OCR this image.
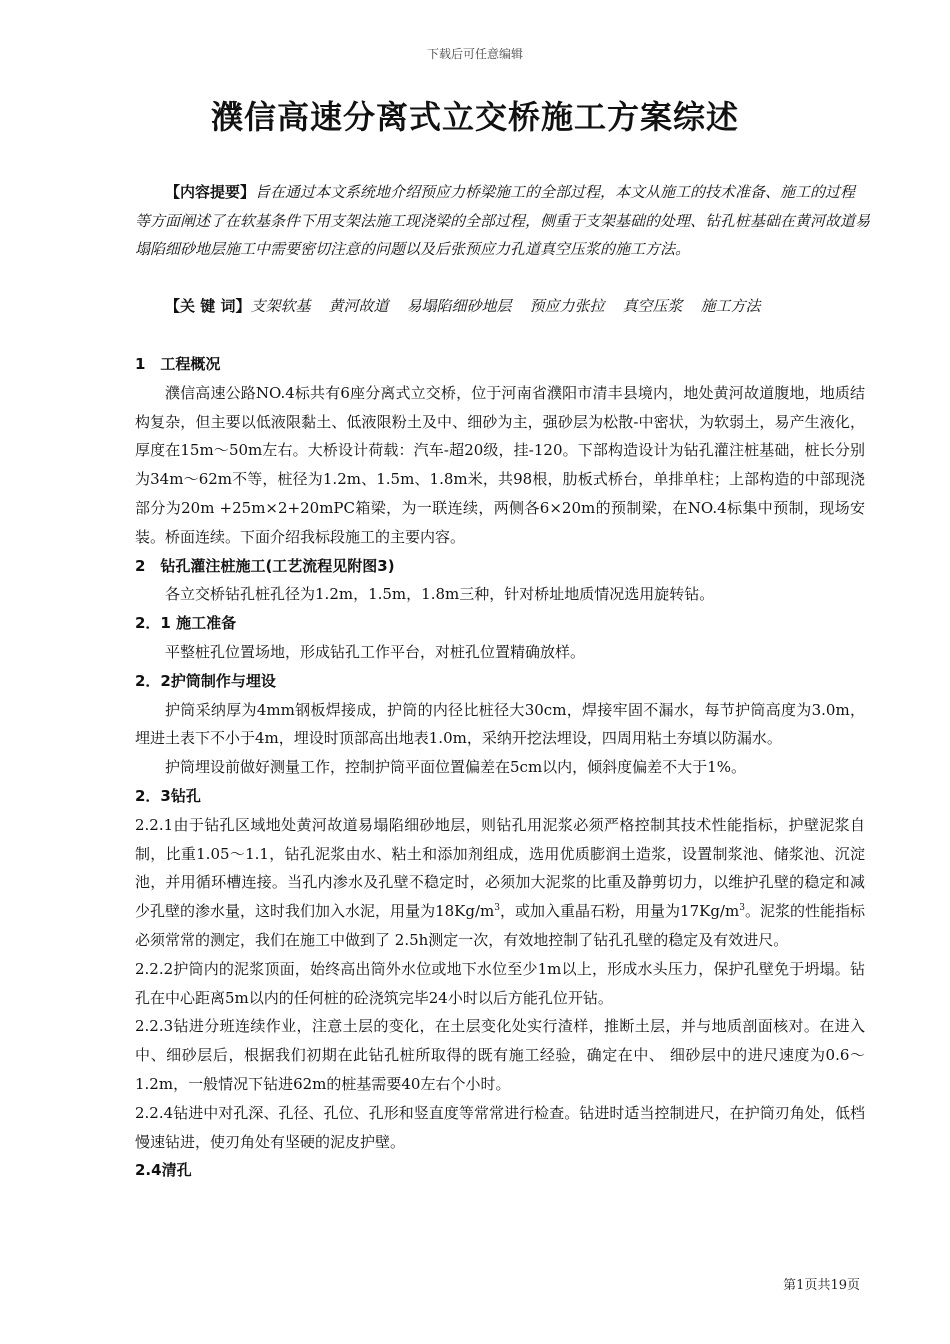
下载后可任意编辑
濮信高速分离式立交桥施工方案综述
【内容提要】旨在通过本文系统地介绍预应力桥梁施工的全部过程，本文从施工的技术准备、施工的过程等方面阐述了在软基条件下用支架法施工现浇梁的全部过程，侧重于支架基础的处理、钻孔桩基础在黄河故道易塌陷细砂地层施工中需要密切注意的问题以及后张预应力孔道真空压浆的施工方法。
【关 键 词】支架软基 黄河故道 易塌陷细砂地层 预应力张拉 真空压浆 施工方法

1　工程概况

濮信高速公路NO.4标共有6座分离式立交桥，位于河南省濮阳市清丰县境内，地处黄河故道腹地，地质结构复杂，但主要以低液限黏土、低液限粉土及中、细砂为主，强砂层为松散-中密状，为软弱土，易产生液化，厚度在15m～50m左右。大桥设计荷载：汽车-超20级，挂-120。下部构造设计为钻孔灌注桩基础，桩长分别为34m～62m不等，桩径为1.2m、1.5m、1.8m米，共98根，肋板式桥台，单排单柱；上部构造的中部现浇部分为20m +25m×2+20mPC箱梁，为一联连续，两侧各6×20m的预制梁，在NO.4标集中预制，现场安装。桥面连续。下面介绍我标段施工的主要内容。

2　钻孔灌注桩施工(工艺流程见附图3)

各立交桥钻孔桩孔径为1.2m，1.5m，1.8m三种，针对桥址地质情况选用旋转钻。

2．1 施工准备

平整桩孔位置场地，形成钻孔工作平台，对桩孔位置精确放样。

2．2护筒制作与埋设

护筒采纳厚为4mm钢板焊接成，护筒的内径比桩径大30cm，焊接牢固不漏水，每节护筒高度为3.0m，埋进土表下不小于4m，埋设时顶部高出地表1.0m，采纳开挖法埋设，四周用粘土夯填以防漏水。

护筒埋设前做好测量工作，控制护筒平面位置偏差在5cm以内，倾斜度偏差不大于1%。

2．3钻孔

2.2.1由于钻孔区域地处黄河故道易塌陷细砂地层，则钻孔用泥浆必须严格控制其技术性能指标，护壁泥浆自制，比重1.05～1.1，钻孔泥浆由水、粘土和添加剂组成，选用优质膨润土造浆，设置制浆池、储浆池、沉淀池，并用循环槽连接。当孔内渗水及孔壁不稳定时，必须加大泥浆的比重及静剪切力，以维护孔壁的稳定和减少孔壁的渗水量，这时我们加入水泥，用量为$18Kg/m^3$，或加入重晶石粉，用量为$17Kg/m^3$。泥浆的性能指标必须常常的测定，我们在施工中做到了 2.5h测定一次，有效地控制了钻孔孔壁的稳定及有效进尺。

2.2.2护筒内的泥浆顶面，始终高出筒外水位或地下水位至少1m以上，形成水头压力，保护孔壁免于坍塌。钻孔在中心距离5m以内的任何桩的砼浇筑完毕24小时以后方能孔位开钻。

2.2.3钻进分班连续作业，注意土层的变化，在土层变化处实行渣样，推断土层，并与地质剖面核对。在进入中、细砂层后，根据我们初期在此钻孔桩所取得的既有施工经验，确定在中、 细砂层中的进尺速度为0.6～1.2m，一般情况下钻进62m的桩基需要40左右个小时。

2.2.4钻进中对孔深、孔径、孔位、孔形和竖直度等常常进行检查。钻进时适当控制进尺，在护筒刃角处，低档慢速钻进，使刃角处有坚硬的泥皮护壁。

2.4清孔

第1页共19页
